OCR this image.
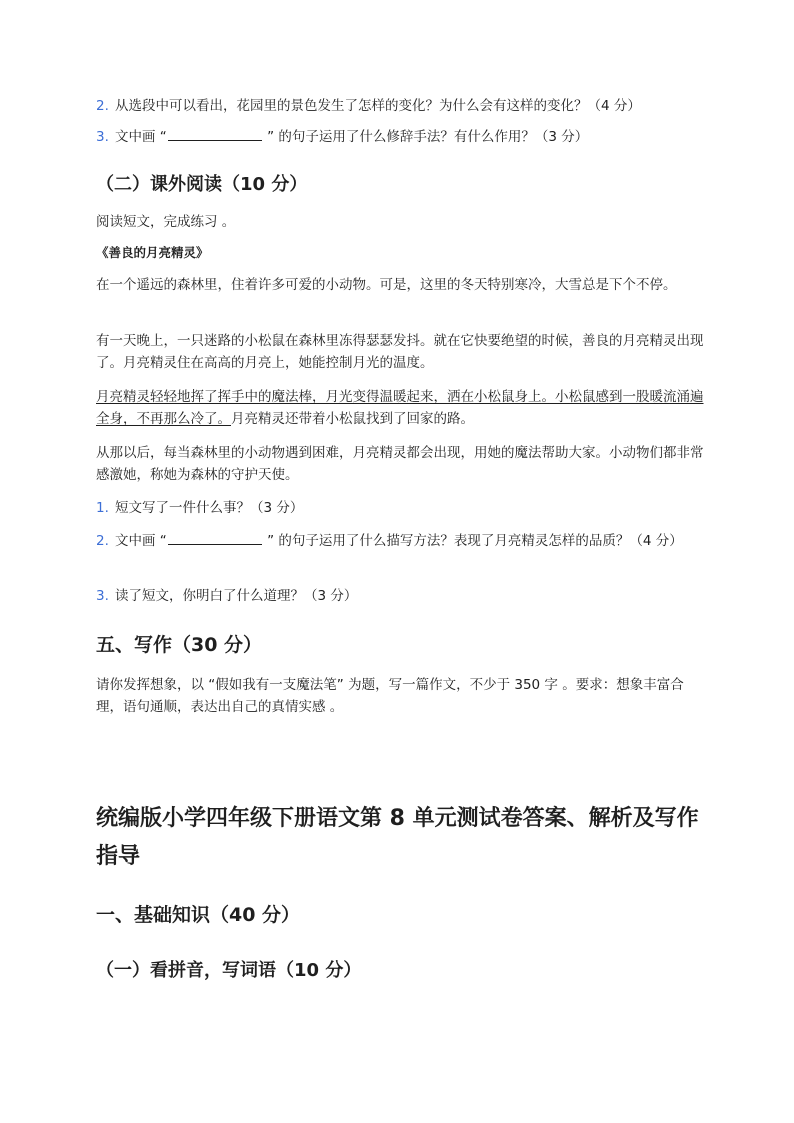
2. 从选段中可以看出，花园里的景色发生了怎样的变化？为什么会有这样的变化？（4 分）

3. 文中画 “	” 的句子运用了什么修辞手法？有什么作用？（3 分）

（二）课外阅读（10 分）

阅读短文，完成练习 。

《善良的月亮精灵》

在一个遥远的森林里，住着许多可爱的小动物。可是，这里的冬天特别寒冷，大雪总是下个不停。

有一天晚上，一只迷路的小松鼠在森林里冻得瑟瑟发抖。就在它快要绝望的时候，善良的月亮精灵出现了。月亮精灵住在高高的月亮上，她能控制月光的温度。

月亮精灵轻轻地挥了挥手中的魔法棒，月光变得温暖起来，洒在小松鼠身上。小松鼠感到一股暖流涌遍全身，不再那么冷了。月亮精灵还带着小松鼠找到了回家的路。

从那以后，每当森林里的小动物遇到困难，月亮精灵都会出现，用她的魔法帮助大家。小动物们都非常感激她，称她为森林的守护天使。

1. 短文写了一件什么事？（3 分）

2. 文中画 “	” 的句子运用了什么描写方法？表现了月亮精灵怎样的品质？（4 分）

3. 读了短文，你明白了什么道理？（3 分）

五、写作（30 分）

请你发挥想象，以 “假如我有一支魔法笔” 为题，写一篇作文，不少于 350 字 。要求：想象丰富合理，语句通顺，表达出自己的真情实感 。

统编版小学四年级下册语文第 8 单元测试卷答案、解析及写作指导
一、基础知识（40 分）
（一）看拼音，写词语（10 分）
